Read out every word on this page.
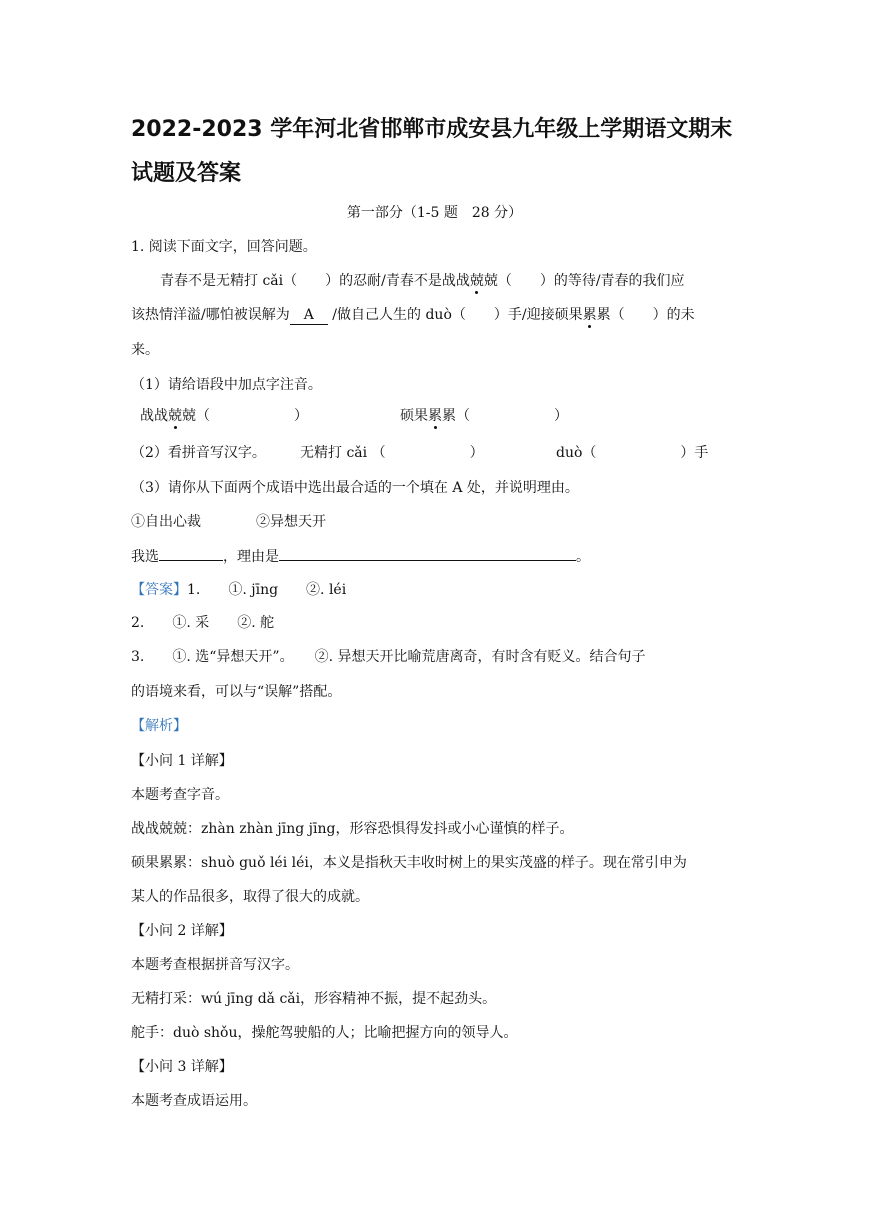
2022-2023 学年河北省邯郸市成安县九年级上学期语文期末
试题及答案
第一部分（1-5 题　28 分）
1. 阅读下面文字，回答问题。
青春不是无精打 cǎi（　　）的忍耐/青春不是战战兢兢（　　）的等待/青春的我们应
该热情洋溢/哪怕被误解为　A　 /做自己人生的 duò（　　）手/迎接硕果累累（　　）的未
来。
（1）请给语段中加点字注音。
战战兢兢（　　　　　　）	硕果累累（　　　　　　）
（2）看拼音写汉字。 无精打 cǎi （　　　　　　）	duò（　　　　　　）手
（3）请你从下面两个成语中选出最合适的一个填在 A 处，并说明理由。
①自出心裁	②异想天开
我选	，理由是	。
【答案】1.　　①. jīng　　②. léi
2.　　①. 采　　②. 舵
3.　　①. 选“异想天开”。　　②. 异想天开比喻荒唐离奇，有时含有贬义。结合句子
的语境来看，可以与“误解”搭配。
【解析】
【小问 1 详解】
本题考查字音。
战战兢兢：zhàn zhàn jīng jīng，形容恐惧得发抖或小心谨慎的样子。
硕果累累：shuò guǒ léi léi，本义是指秋天丰收时树上的果实茂盛的样子。现在常引申为
某人的作品很多，取得了很大的成就。
【小问 2 详解】
本题考查根据拼音写汉字。
无精打采：wú jīng dǎ cǎi，形容精神不振，提不起劲头。
舵手：duò shǒu，操舵驾驶船的人；比喻把握方向的领导人。
【小问 3 详解】
本题考查成语运用。
